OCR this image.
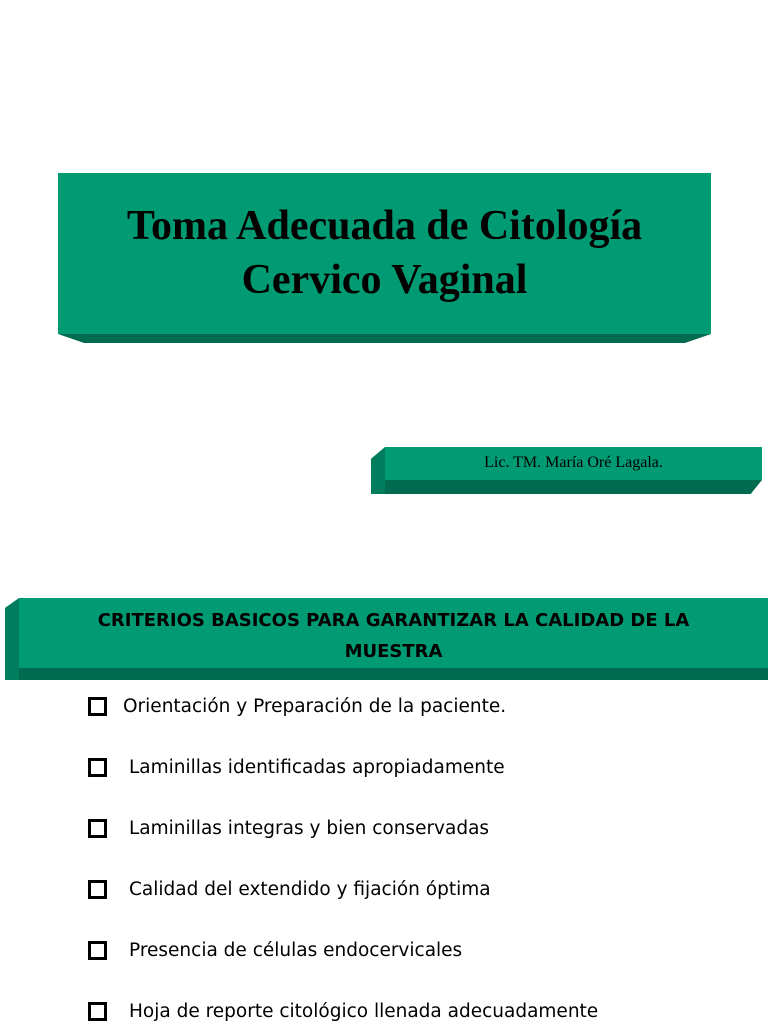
Toma Adecuada de Citología
Cervico Vaginal
Lic. TM. María Oré Lagala.
CRITERIOS BASICOS PARA GARANTIZAR LA CALIDAD DE LA
MUESTRA
Orientación y Preparación de la paciente.
Laminillas identificadas apropiadamente
Laminillas integras y bien conservadas
Calidad del extendido y fijación óptima
Presencia de células endocervicales
Hoja de reporte citológico llenada adecuadamente
